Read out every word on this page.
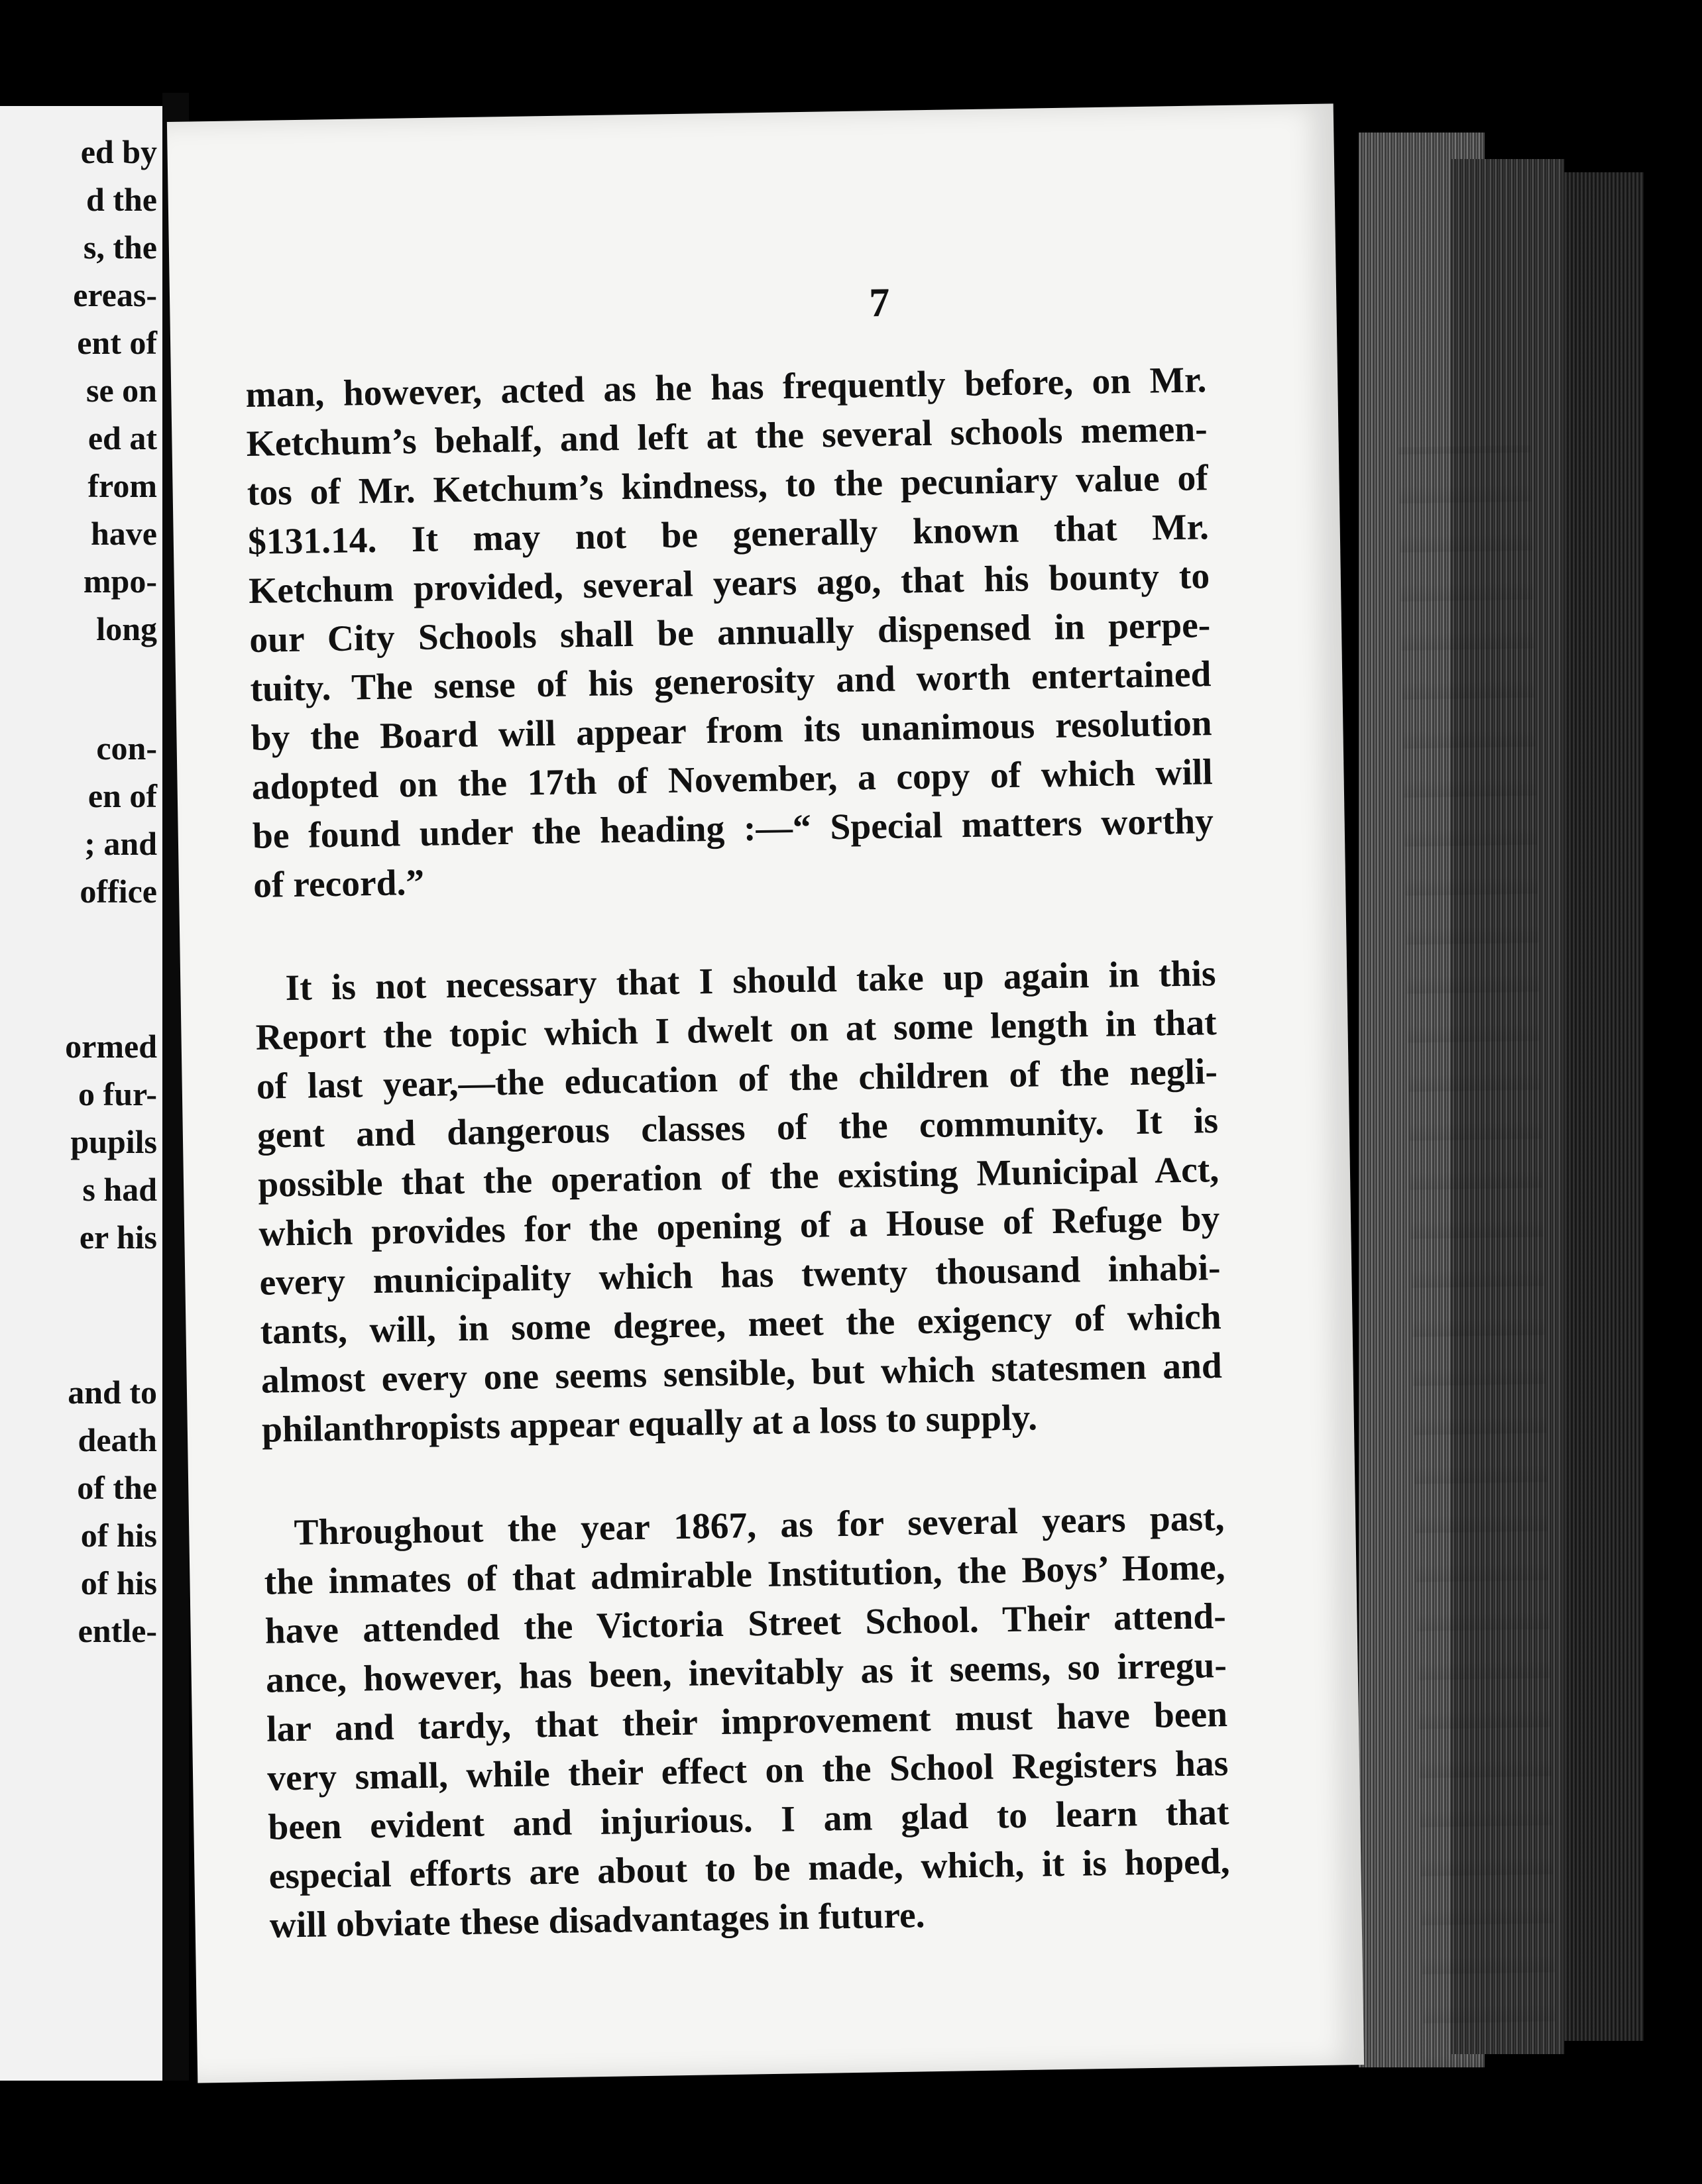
ed by
d the
s, the
ereas-
ent of
se on
ed at
from
have
mpo-
long
con-
en of
; and
office
ormed
o fur-
pupils
s had
er his
and to
death
of the
of his
of his
entle-
7
man, however, acted as he has frequently before, on Mr.
Ketchum’s behalf, and left at the several schools memen-
tos of Mr. Ketchum’s kindness, to the pecuniary value of
$131.14. It may not be generally known that Mr.
Ketchum provided, several years ago, that his bounty to
our City Schools shall be annually dispensed in perpe-
tuity. The sense of his generosity and worth entertained
by the Board will appear from its unanimous resolution
adopted on the 17th of November, a copy of which will
be found under the heading :—“ Special matters worthy
of record.”
It is not necessary that I should take up again in this
Report the topic which I dwelt on at some length in that
of last year,—the education of the children of the negli-
gent and dangerous classes of the community. It is
possible that the operation of the existing Municipal Act,
which provides for the opening of a House of Refuge by
every municipality which has twenty thousand inhabi-
tants, will, in some degree, meet the exigency of which
almost every one seems sensible, but which statesmen and
philanthropists appear equally at a loss to supply.
Throughout the year 1867, as for several years past,
the inmates of that admirable Institution, the Boys’ Home,
have attended the Victoria Street School. Their attend-
ance, however, has been, inevitably as it seems, so irregu-
lar and tardy, that their improvement must have been
very small, while their effect on the School Registers has
been evident and injurious. I am glad to learn that
especial efforts are about to be made, which, it is hoped,
will obviate these disadvantages in future.
